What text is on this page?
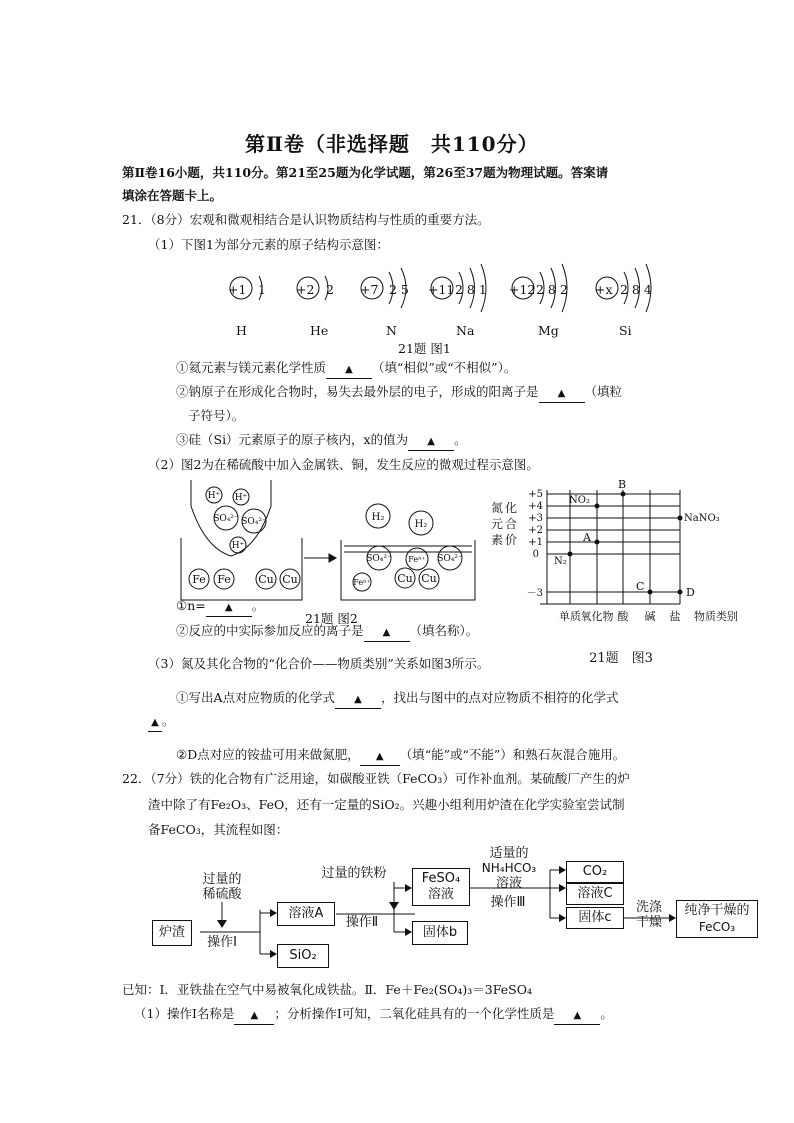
第Ⅱ卷（非选择题　共110分）
第Ⅱ卷16小题，共110分。第21至25题为化学试题，第26至37题为物理试题。答案请
填涂在答题卡上。
21．（8分）宏观和微观相结合是认识物质结构与性质的重要方法。
（1）下图1为部分元素的原子结构示意图：
+1 1 +2 2 +7 2 5 +11 2 8 1 +12 2 8 2 +x 2 8 4
H	He	N	Na	Mg	Si
21题 图1
①氦元素与镁元素化学性质 ▲ （填“相似”或“不相似”）。
②钠原子在形成化合物时，易失去最外层的电子，形成的阳离子是 ▲ （填粒
子符号）。
③硅（Si）元素原子的原子核内，x的值为 ▲ 。
（2）图2为在稀硫酸中加入金属铁、铜，发生反应的微观过程示意图。
H⁺ H⁺
SO₄²⁻ SO₄²⁻
H⁺
Fe Fe Cu Cu
H₂
H₂
SO₄²⁻ Feⁿ⁺ SO₄²⁻
Feⁿ⁺ Cu Cu
①n= ▲ 。
21题 图2
②反应的中实际参加反应的离子是 ▲ （填名称）。
+5
+4
+3
+2
+1
0
－3
氮 化
元 合
素 价
N₂
NO₂
A
B
C	D
NaNO₃
单质 氧化物 酸 碱 盐 物质类别
21题　图3
（3）氮及其化合物的“化合价——物质类别”关系如图3所示。
①写出A点对应物质的化学式 ▲ ，找出与图中的点对应物质不相符的化学式
▲ 。
②D点对应的铵盐可用来做氮肥， ▲ （填“能”或“不能”）和熟石灰混合施用。
22．（7分）铁的化合物有广泛用途，如碳酸亚铁（FeCO₃）可作补血剂。某硫酸厂产生的炉
渣中除了有Fe₂O₃、FeO，还有一定量的SiO₂。兴趣小组利用炉渣在化学实验室尝试制
备FeCO₃，其流程如图：
炉渣
过量的
稀硫酸
操作Ⅰ
溶液A
SiO₂
过量的铁粉
操作Ⅱ
FeSO₄
溶液
固体b
适量的
NH₄HCO₃
溶液
操作Ⅲ
CO₂
溶液C
固体c
洗涤
干燥
纯净干燥的
FeCO₃
已知：Ⅰ．亚铁盐在空气中易被氧化成铁盐。Ⅱ．Fe＋Fe₂(SO₄)₃＝3FeSO₄
（1）操作Ⅰ名称是 ▲ ；分析操作Ⅰ可知，二氧化硅具有的一个化学性质是 ▲ 。
